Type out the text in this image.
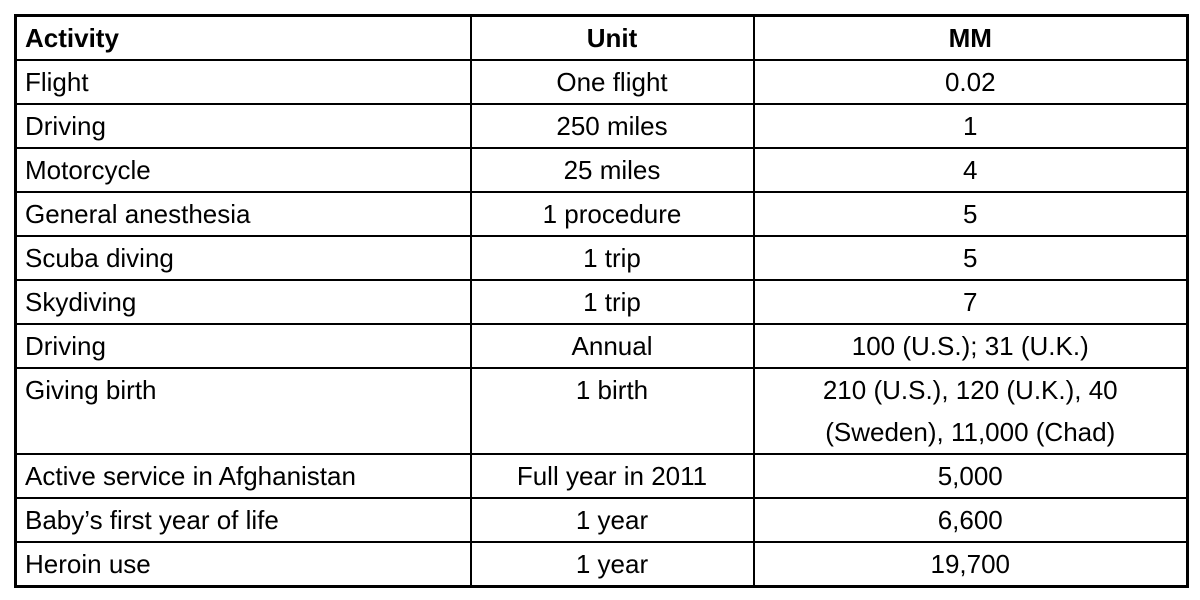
Activity	Unit	MM
Flight	One flight	0.02
Driving	250 miles	1
Motorcycle	25 miles	4
General anesthesia	1 procedure	5
Scuba diving	1 trip	5
Skydiving	1 trip	7
Driving	Annual	100 (U.S.); 31 (U.K.)
Giving birth	1 birth	210 (U.S.), 120 (U.K.), 40 (Sweden), 11,000 (Chad)
Active service in Afghanistan	Full year in 2011	5,000
Baby’s first year of life	1 year	6,600
Heroin use	1 year	19,700
